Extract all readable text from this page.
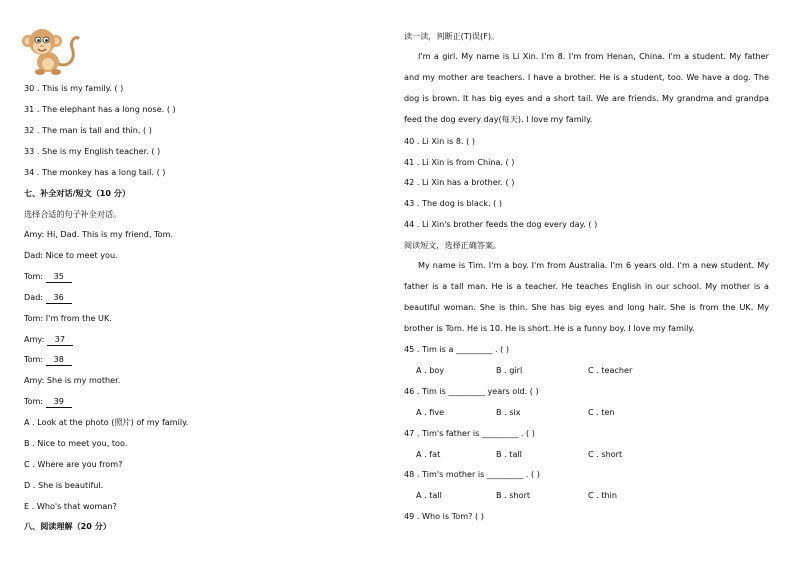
30 . This is my family. ( )
31 . The elephant has a long nose. ( )
32 . The man is tall and thin. ( )
33 . She is my English teacher. ( )
34 . The monkey has a long tail. ( )
七、补全对话/短文（10 分）
选择合适的句子补全对话。
Amy: Hi, Dad. This is my friend, Tom.
Dad: Nice to meet you.
Tom: 35
Dad: 36
Tom: I'm from the UK.
Amy: 37
Tom: 38
Amy: She is my mother.
Tom: 39
A . Look at the photo (照片) of my family.
B . Nice to meet you, too.
C . Where are you from?
D . She is beautiful.
E . Who's that woman?
八、阅读理解（20 分）
读一读，判断正(T)误(F)。
I'm a girl. My name is Li Xin. I'm 8. I'm from Henan, China. I'm a student. My father and my mother are teachers. I have a brother. He is a student, too. We have a dog. The dog is brown. It has big eyes and a short tail. We are friends. My grandma and grandpa feed the dog every day(每天). I love my family.
40 . Li Xin is 8. ( )
41 . Li Xin is from China. ( )
42 . Li Xin has a brother. ( )
43 . The dog is black. ( )
44 . Li Xin's brother feeds the dog every day. ( )
阅读短文，选择正确答案。
My name is Tim. I'm a boy. I'm from Australia. I'm 6 years old. I'm a new student. My father is a tall man. He is a teacher. He teaches English in our school. My mother is a beautiful woman. She is thin. She has big eyes and long hair. She is from the UK. My brother is Tom. He is 10. He is short. He is a funny boy. I love my family.
45 . Tim is a _________ . ( )
A . boy	B . girl	C . teacher
46 . Tim is _________ years old. ( )
A . five	B . six	C . ten
47 . Tim's father is _________ . ( )
A . fat	B . tall	C . short
48 . Tim's mother is _________ . ( )
A . tall	B . short	C . thin
49 . Who is Tom? ( )
